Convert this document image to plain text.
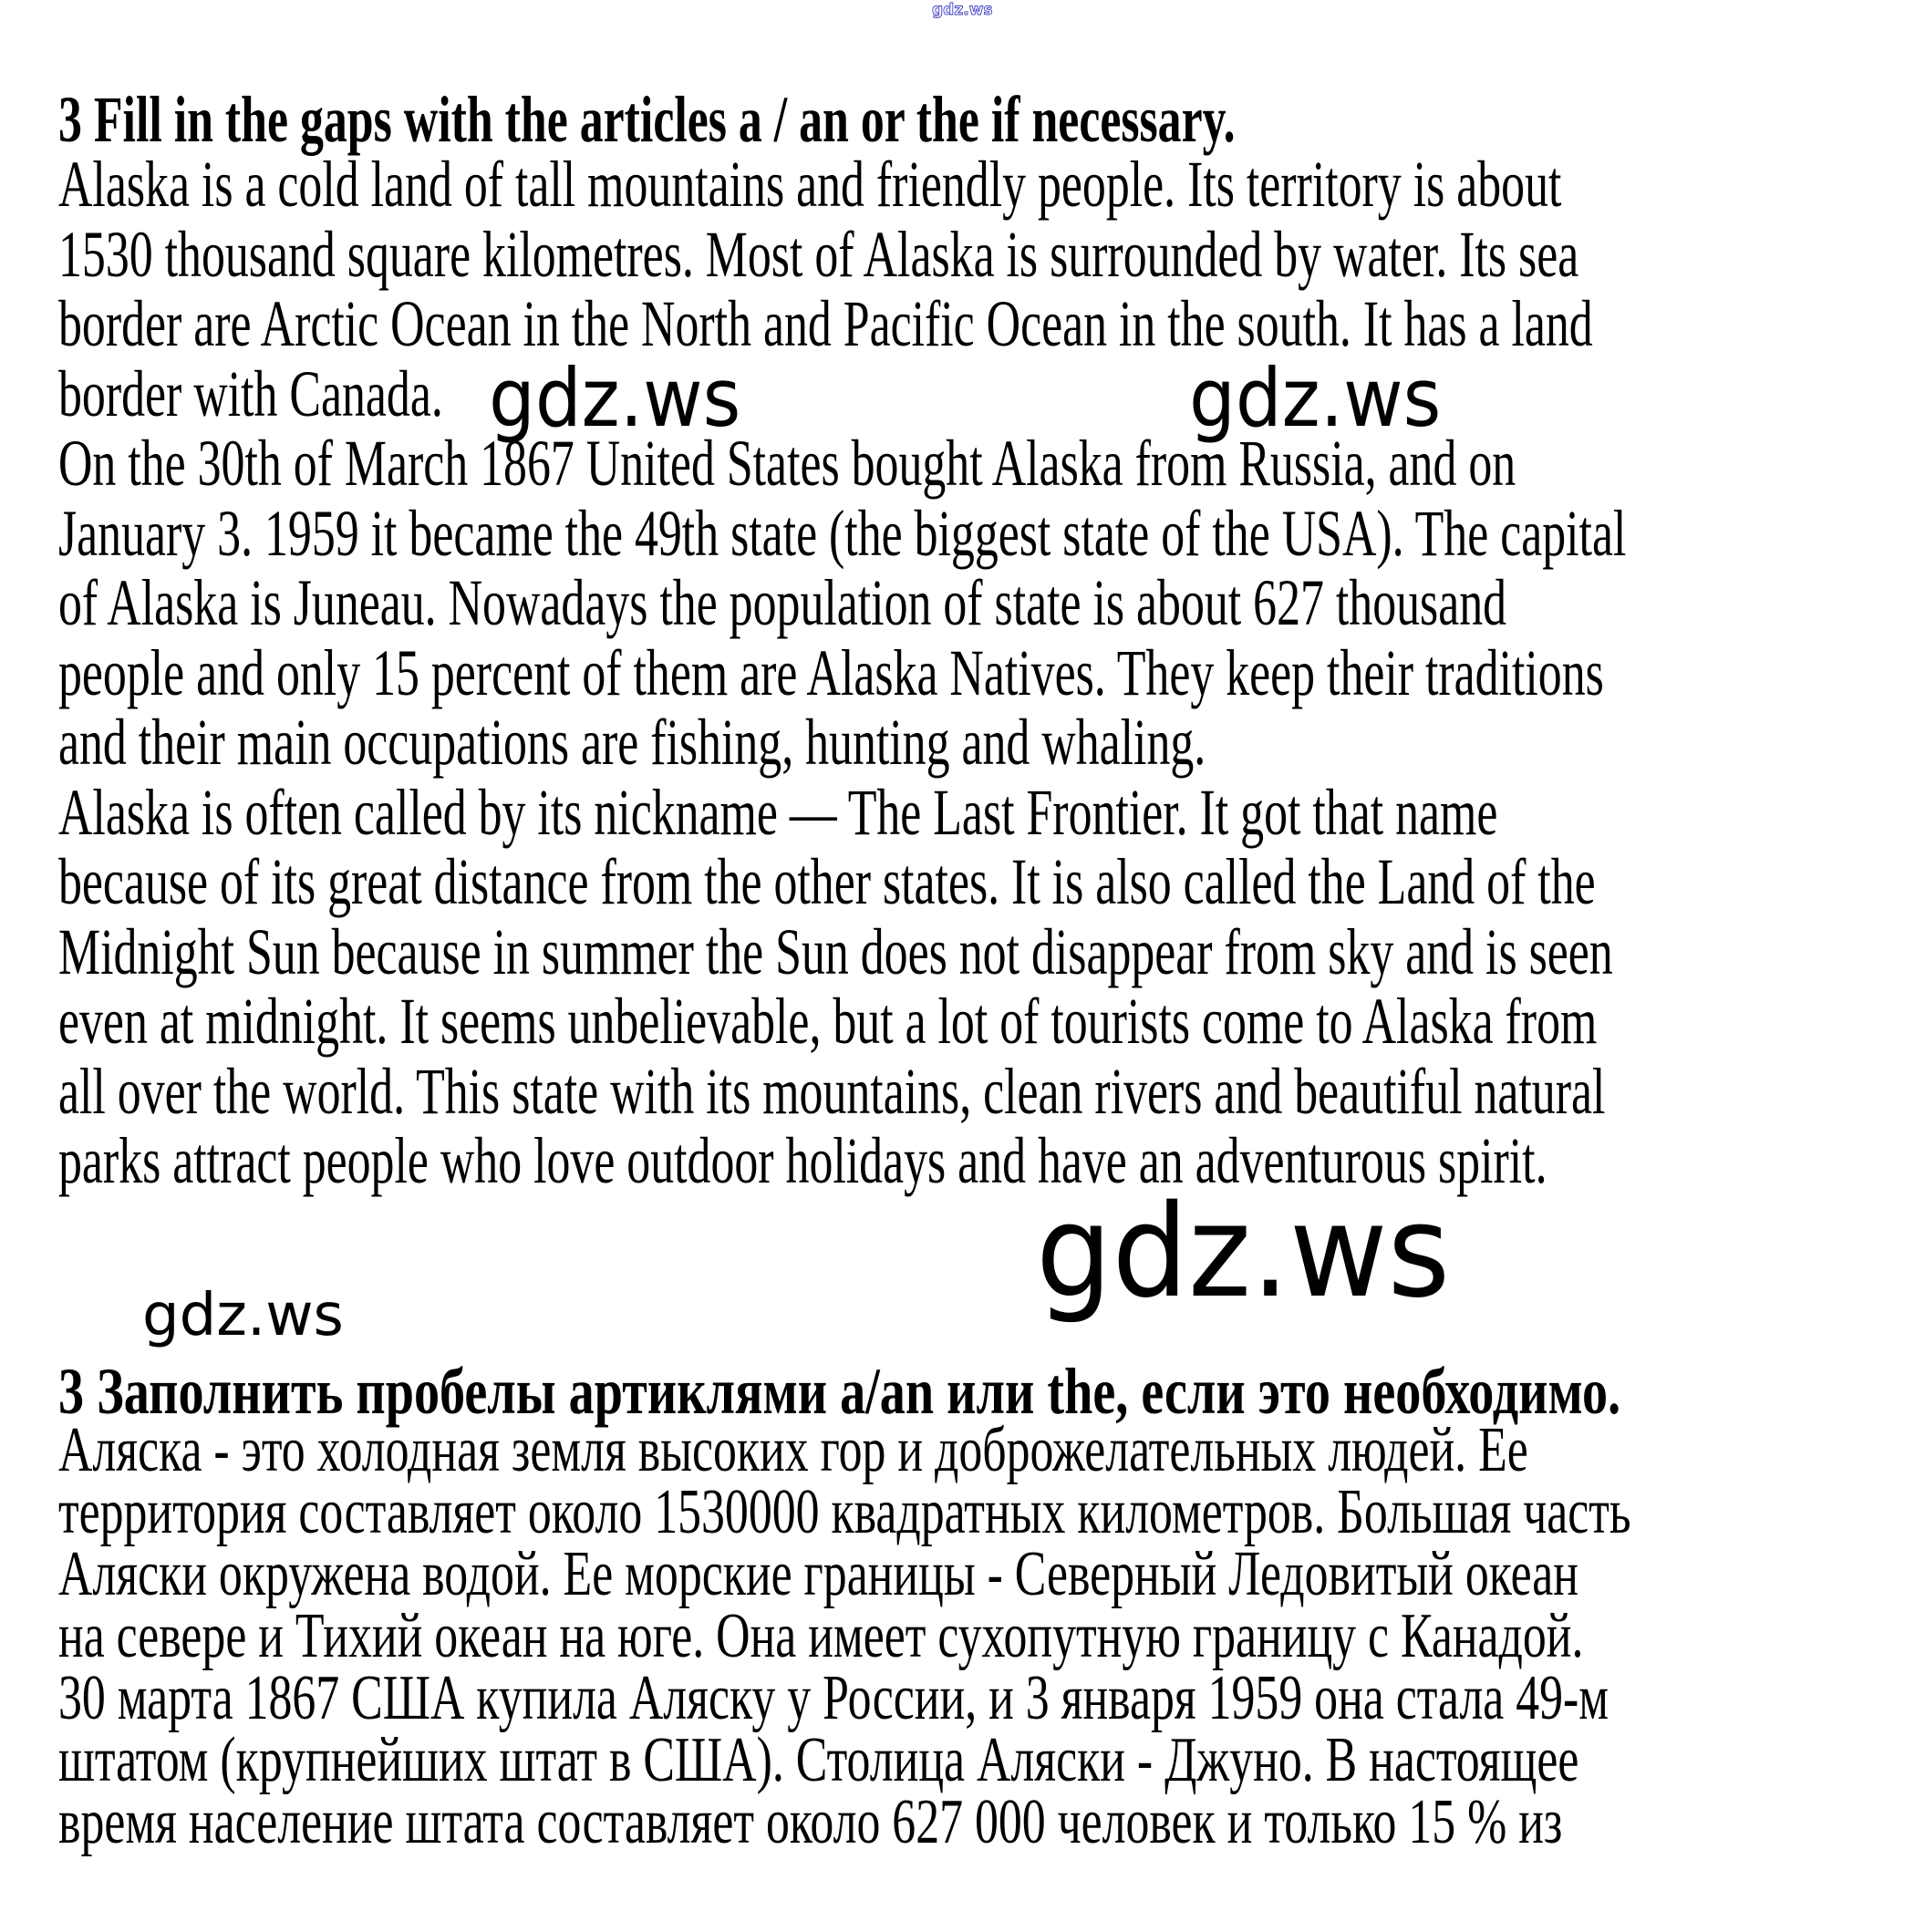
gdz.ws
3 Fill in the gaps with the articles a / an or the if necessary.
Alaska is a cold land of tall mountains and friendly people. Its territory is about
1530 thousand square kilometres. Most of Alaska is surrounded by water. Its sea
border are Arctic Ocean in the North and Pacific Ocean in the south. It has a land
border with Canada.
On the 30th of March 1867 United States bought Alaska from Russia, and on
January 3. 1959 it became the 49th state (the biggest state of the USA). The capital
of Alaska is Juneau. Nowadays the population of state is about 627 thousand
people and only 15 percent of them are Alaska Natives. They keep their traditions
and their main occupations are fishing, hunting and whaling.
Alaska is often called by its nickname — The Last Frontier. It got that name
because of its great distance from the other states. It is also called the Land of the
Midnight Sun because in summer the Sun does not disappear from sky and is seen
even at midnight. It seems unbelievable, but a lot of tourists come to Alaska from
all over the world. This state with its mountains, clean rivers and beautiful natural
parks attract people who love outdoor holidays and have an adventurous spirit.
gdz.ws	gdz.ws
gdz.ws
gdz.ws
3 Заполнить пробелы артиклями a/an или the, если это необходимо.
Аляска - это холодная земля высоких гор и доброжелательных людей. Ее
территория составляет около 1530000 квадратных километров. Большая часть
Аляски окружена водой. Ее морские границы - Северный Ледовитый океан
на севере и Тихий океан на юге. Она имеет сухопутную границу с Канадой.
30 марта 1867 США купила Аляску у России, и 3 января 1959 она стала 49-м
штатом (крупнейших штат в США). Столица Аляски - Джуно. В настоящее
время население штата составляет около 627 000 человек и только 15 % из
